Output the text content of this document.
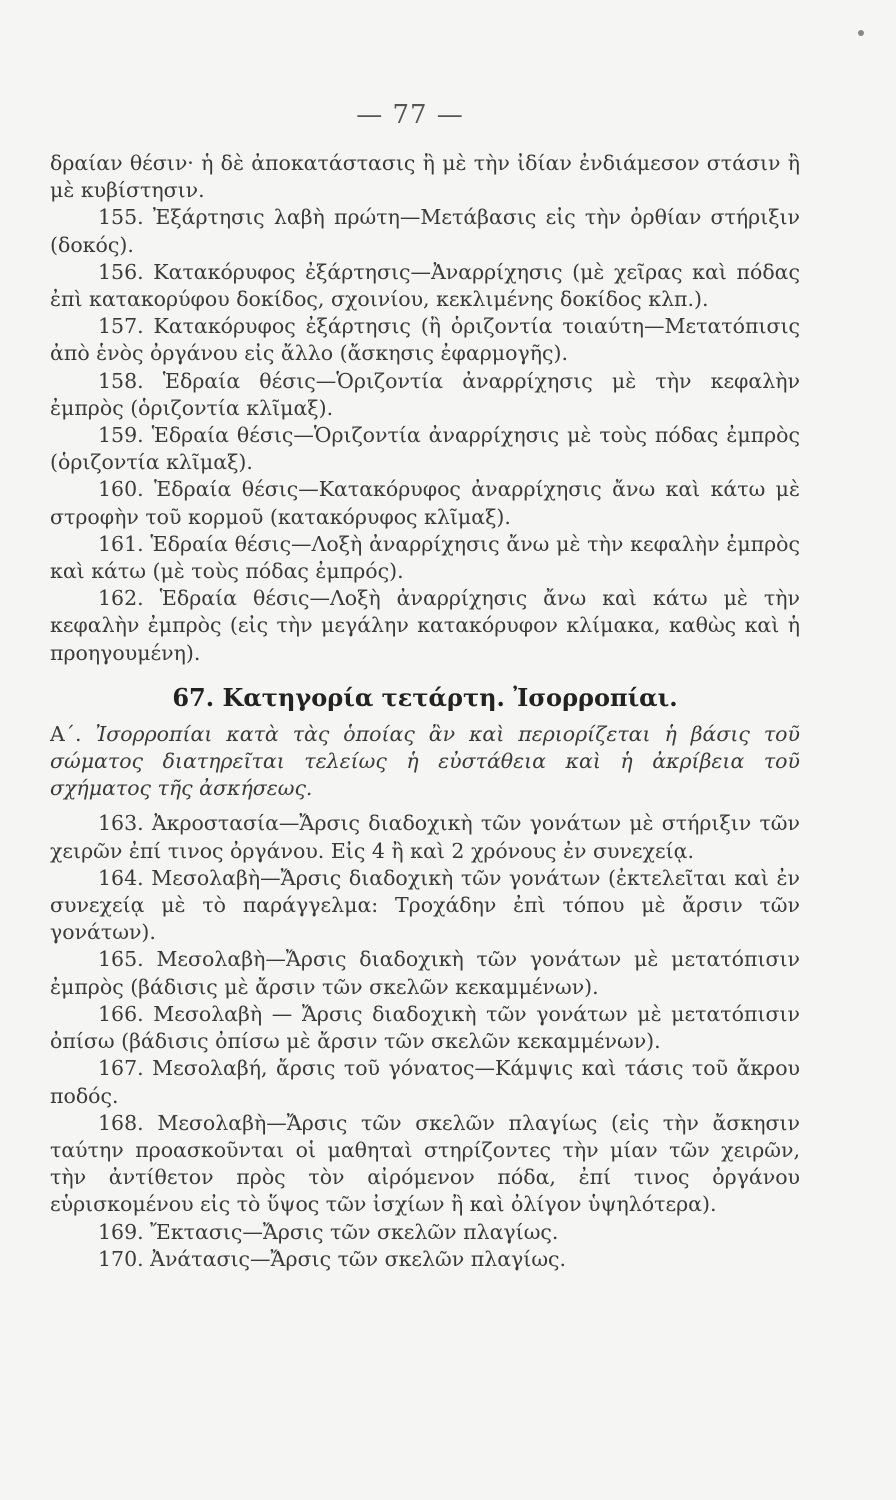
— 77 —

δραίαν θέσιν· ἡ δὲ ἀποκατάστασις ἢ μὲ τὴν ἰδίαν ἐνδιάμεσον στάσιν ἢ μὲ κυβίστησιν.

155. Ἐξάρτησις λαβὴ πρώτη—Μετάβασις εἰς τὴν ὀρθίαν στήριξιν (δοκός).

156. Κατακόρυφος ἐξάρτησις—Ἀναρρίχησις (μὲ χεῖρας καὶ πόδας ἐπὶ κατακορύφου δοκίδος, σχοινίου, κεκλιμένης δοκίδος κλπ.).

157. Κατακόρυφος ἐξάρτησις (ἢ ὁριζοντία τοιαύτη—Μετατόπισις ἀπὸ ἑνὸς ὀργάνου εἰς ἄλλο (ἄσκησις ἐφαρμογῆς).

158. Ἑδραία θέσις—Ὁριζοντία ἀναρρίχησις μὲ τὴν κεφαλὴν ἐμπρὸς (ὁριζοντία κλῖμαξ).

159. Ἑδραία θέσις—Ὁριζοντία ἀναρρίχησις μὲ τοὺς πόδας ἐμπρὸς (ὁριζοντία κλῖμαξ).

160. Ἑδραία θέσις—Κατακόρυφος ἀναρρίχησις ἄνω καὶ κάτω μὲ στροφὴν τοῦ κορμοῦ (κατακόρυφος κλῖμαξ).

161. Ἑδραία θέσις—Λοξὴ ἀναρρίχησις ἄνω μὲ τὴν κεφαλὴν ἐμπρὸς καὶ κάτω (μὲ τοὺς πόδας ἐμπρός).

162. Ἑδραία θέσις—Λοξὴ ἀναρρίχησις ἄνω καὶ κάτω μὲ τὴν κεφαλὴν ἐμπρὸς (εἰς τὴν μεγάλην κατακόρυφον κλίμακα, καθὼς καὶ ἡ προηγουμένη).

67. Κατηγορία τετάρτη. Ἰσορροπίαι.

Α΄. Ἰσορροπίαι κατὰ τὰς ὁποίας ἂν καὶ περιορίζεται ἡ βάσις τοῦ σώματος διατηρεῖται τελείως ἡ εὐστάθεια καὶ ἡ ἀκρίβεια τοῦ σχήματος τῆς ἀσκήσεως.

163. Ἀκροστασία—Ἄρσις διαδοχικὴ τῶν γονάτων μὲ στήριξιν τῶν χειρῶν ἐπί τινος ὀργάνου. Εἰς 4 ἢ καὶ 2 χρόνους ἐν συνεχείᾳ.

164. Μεσολαβὴ—Ἄρσις διαδοχικὴ τῶν γονάτων (ἐκτελεῖται καὶ ἐν συνεχείᾳ μὲ τὸ παράγγελμα: Τροχάδην ἐπὶ τόπου μὲ ἄρσιν τῶν γονάτων).

165. Μεσολαβὴ—Ἄρσις διαδοχικὴ τῶν γονάτων μὲ μετατόπισιν ἐμπρὸς (βάδισις μὲ ἄρσιν τῶν σκελῶν κεκαμμένων).

166. Μεσολαβὴ — Ἄρσις διαδοχικὴ τῶν γονάτων μὲ μετατόπισιν ὀπίσω (βάδισις ὀπίσω μὲ ἄρσιν τῶν σκελῶν κεκαμμένων).

167. Μεσολαβή, ἄρσις τοῦ γόνατος—Κάμψις καὶ τάσις τοῦ ἄκρου ποδός.

168. Μεσολαβὴ—Ἄρσις τῶν σκελῶν πλαγίως (εἰς τὴν ἄσκησιν ταύτην προασκοῦνται οἱ μαθηταὶ στηρίζοντες τὴν μίαν τῶν χειρῶν, τὴν ἀντίθετον πρὸς τὸν αἰρόμενον πόδα, ἐπί τινος ὀργάνου εὑρισκομένου εἰς τὸ ὕψος τῶν ἰσχίων ἢ καὶ ὀλίγον ὑψηλότερα).

169. Ἔκτασις—Ἄρσις τῶν σκελῶν πλαγίως.

170. Ἀνάτασις—Ἄρσις τῶν σκελῶν πλαγίως.
